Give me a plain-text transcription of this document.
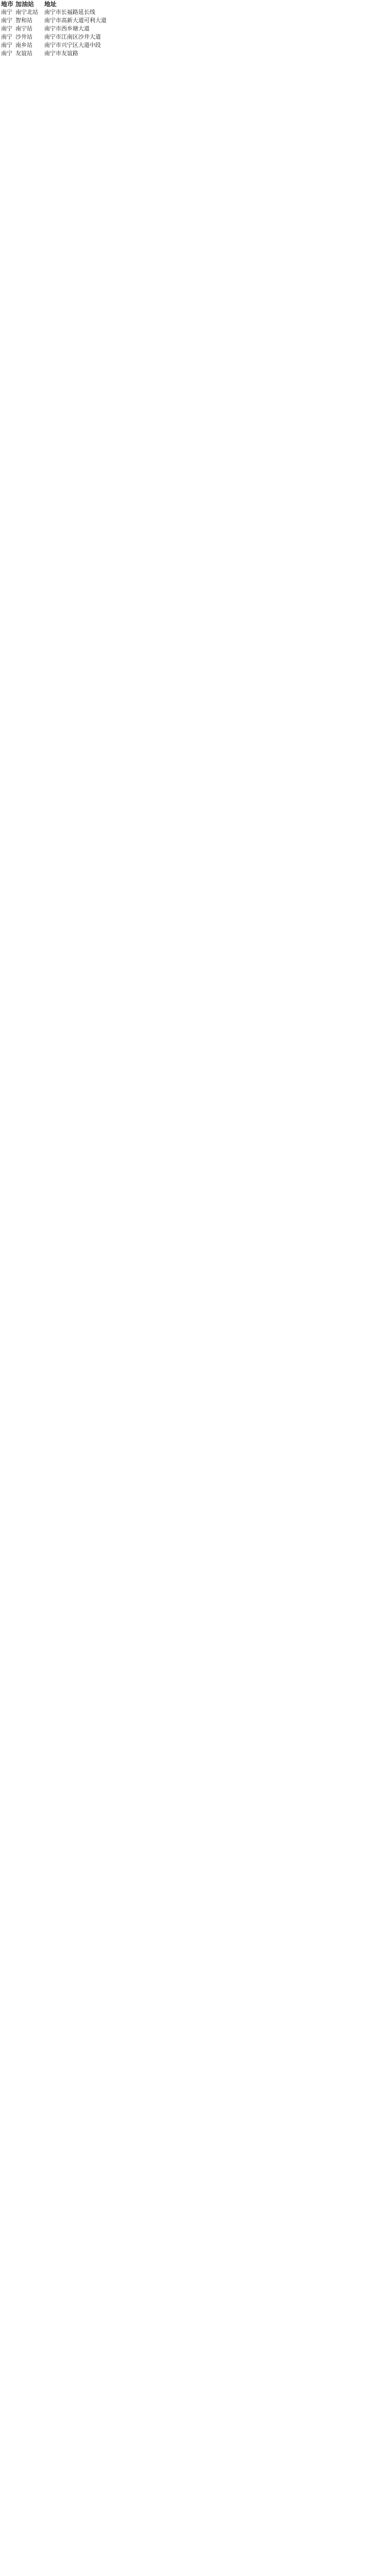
地市 加油站	地址
南宁 南宁北站	南宁市长福路延长线
南宁 智和站	南宁市高新大道可利大道
南宁 南宁站	南宁市西乡塘大道
南宁 沙井站	南宁市江南区沙井大道
南宁 南乡站	南宁市兴宁区大道中段
南宁 友谊站	南宁市友谊路
